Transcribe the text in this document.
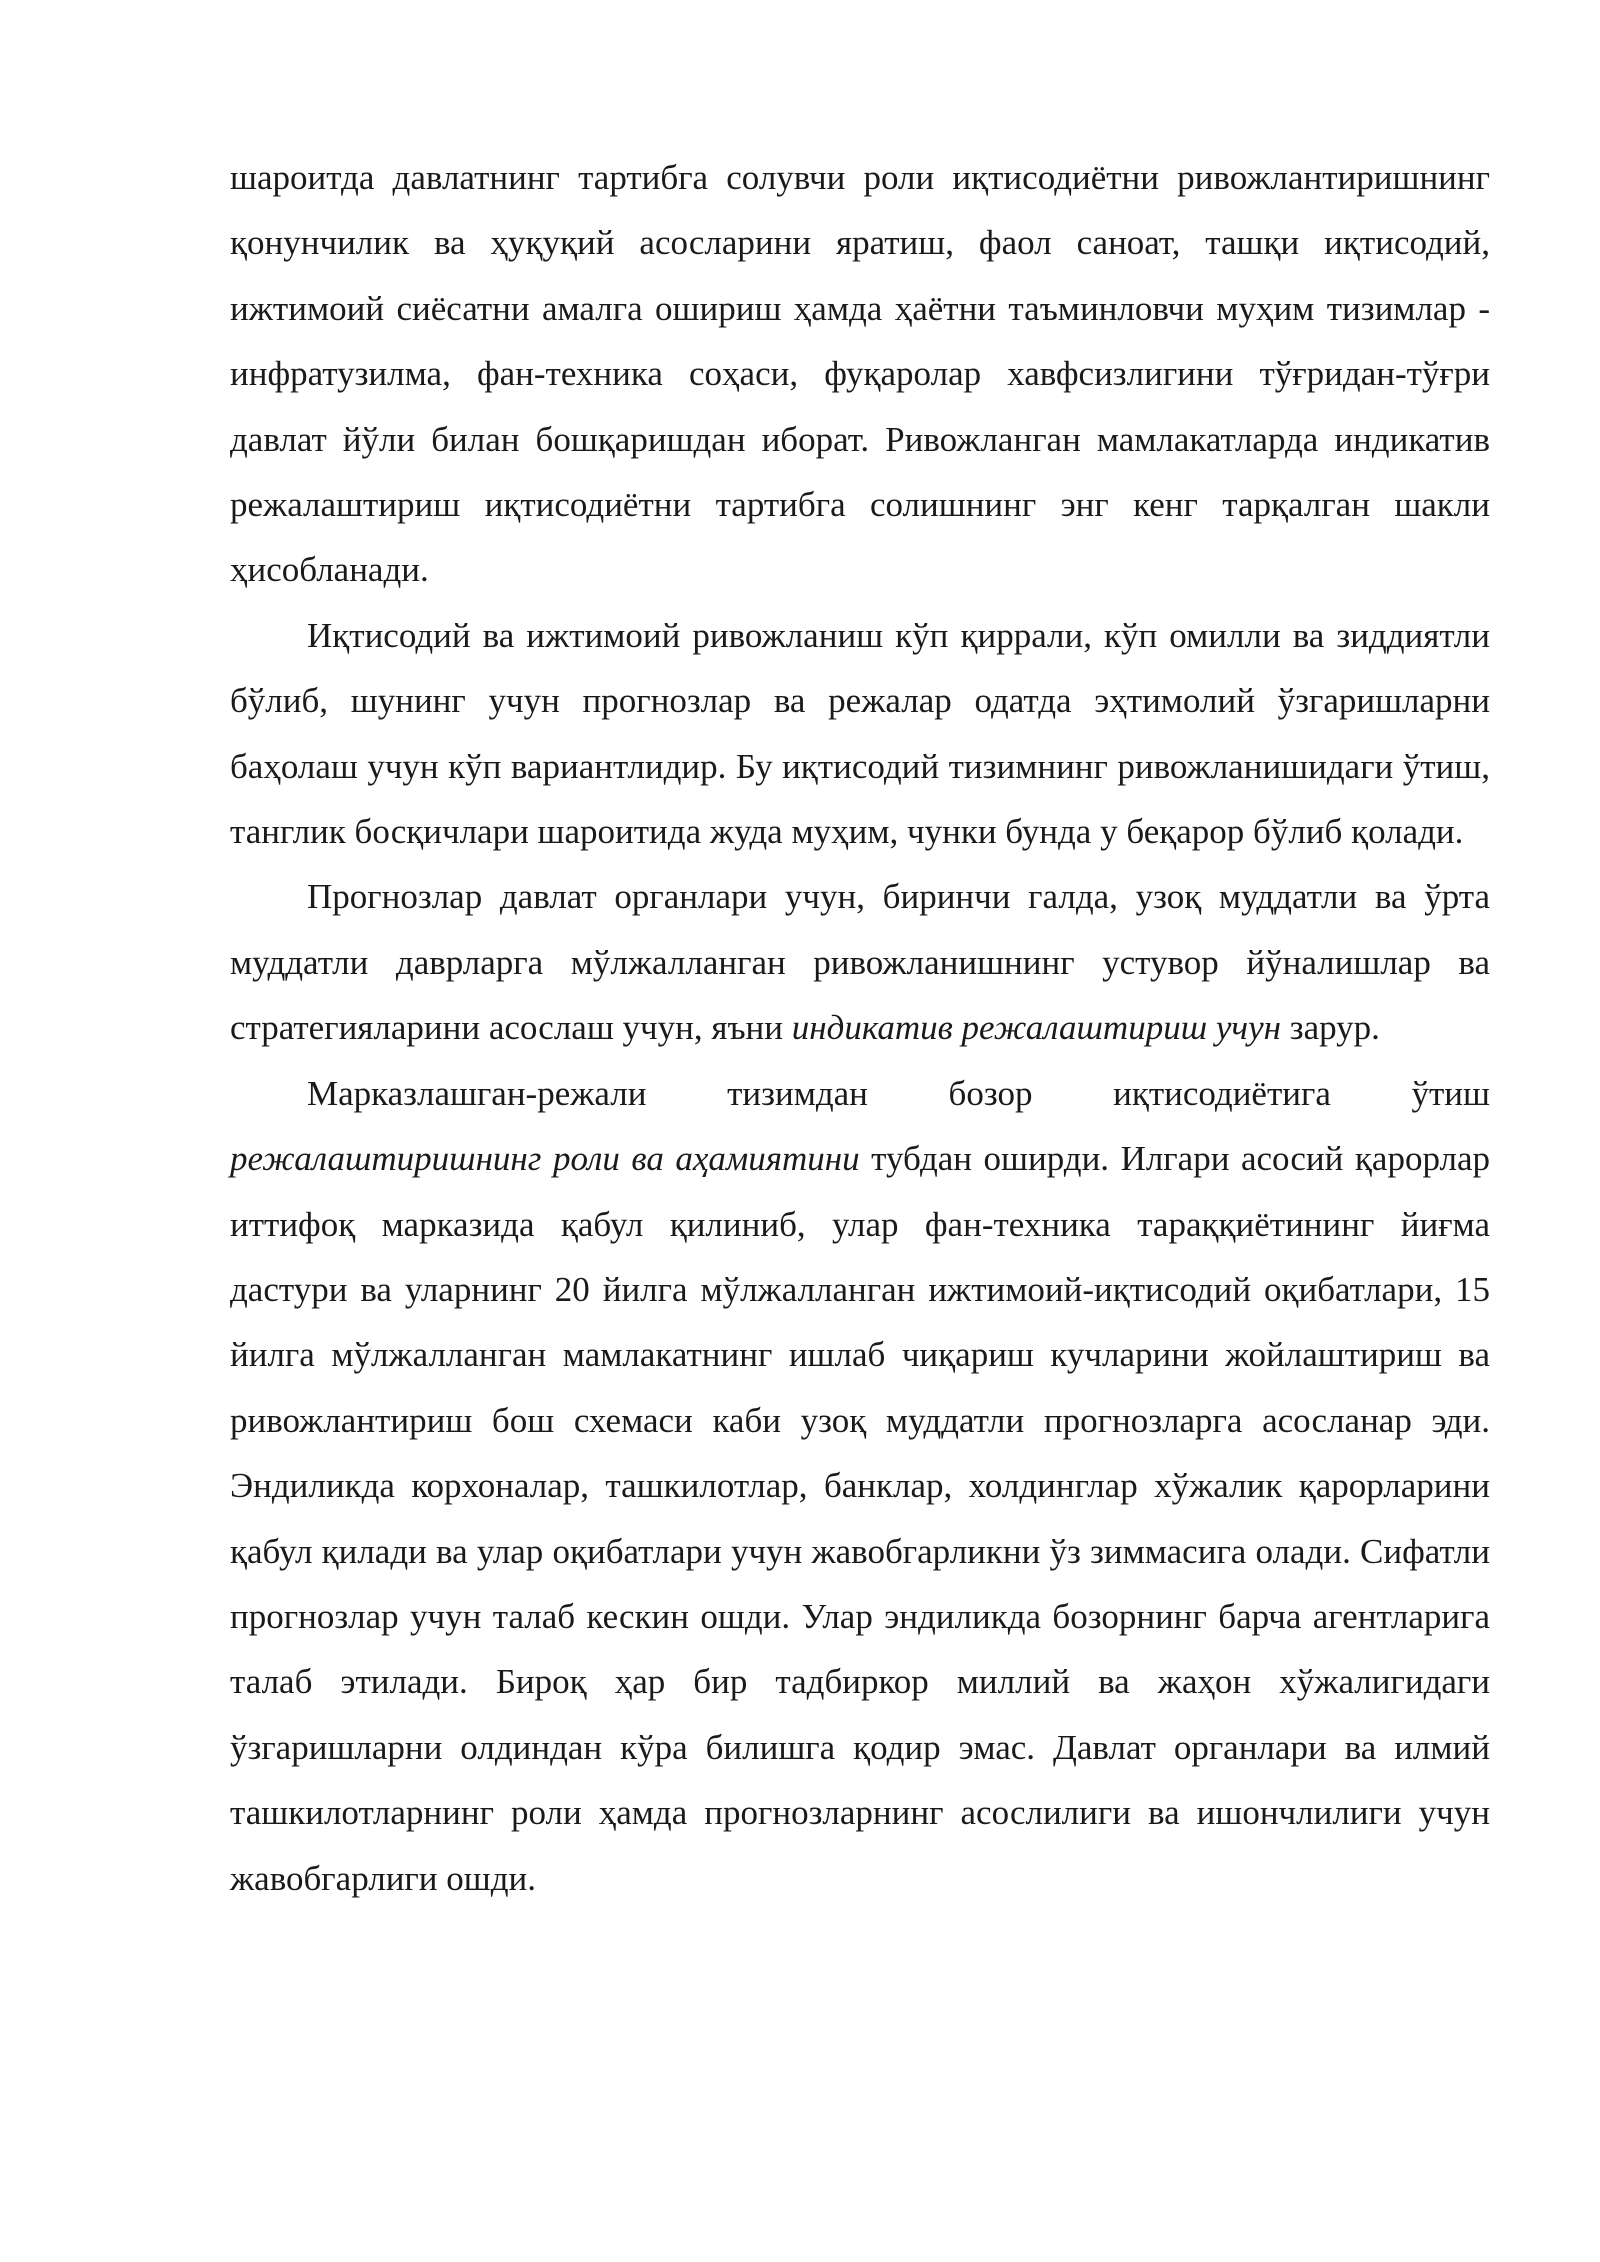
шароитда давлатнинг тартибга солувчи роли иқтисодиётни ривожлантиришнинг қонунчилик ва ҳуқуқий асосларини яратиш, фаол саноат, ташқи иқтисодий, ижтимоий сиёсатни амалга ошириш ҳамда ҳаётни таъминловчи муҳим тизимлар - инфратузилма, фан-техника соҳаси, фуқаролар хавфсизлигини тўғридан-тўғри давлат йўли билан бошқаришдан иборат. Ривожланган мамлакатларда индикатив режалаштириш иқтисодиётни тартибга солишнинг энг кенг тарқалган шакли ҳисобланади.

Иқтисодий ва ижтимоий ривожланиш кўп қиррали, кўп омилли ва зиддиятли бўлиб, шунинг учун прогнозлар ва режалар одатда эҳтимолий ўзгаришларни баҳолаш учун кўп вариантлидир. Бу иқтисодий тизимнинг ривожланишидаги ўтиш, танглик босқичлари шароитида жуда муҳим, чунки бунда у беқарор бўлиб қолади.

Прогнозлар давлат органлари учун, биринчи галда, узоқ муддатли ва ўрта муддатли даврларга мўлжалланган ривожланишнинг устувор йўналишлар ва стратегияларини асослаш учун, яъни индикатив режалаштириш учун зарур.

Марказлашган-режали тизимдан бозор иқтисодиётига ўтиш режалаштиришнинг роли ва аҳамиятини тубдан оширди. Илгари асосий қарорлар иттифоқ марказида қабул қилиниб, улар фан-техника тараққиётининг йиғма дастури ва уларнинг 20 йилга мўлжалланган ижтимоий-иқтисодий оқибатлари, 15 йилга мўлжалланган мамлакатнинг ишлаб чиқариш кучларини жойлаштириш ва ривожлантириш бош схемаси каби узоқ муддатли прогнозларга асосланар эди. Эндиликда корхоналар, ташкилотлар, банклар, холдинглар хўжалик қарорларини қабул қилади ва улар оқибатлари учун жавобгарликни ўз зиммасига олади. Сифатли прогнозлар учун талаб кескин ошди. Улар эндиликда бозорнинг барча агентларига талаб этилади. Бироқ ҳар бир тадбиркор миллий ва жаҳон хўжалигидаги ўзгаришларни олдиндан кўра билишга қодир эмас. Давлат органлари ва илмий ташкилотларнинг роли ҳамда прогнозларнинг асослилиги ва ишончлилиги учун жавобгарлиги ошди.
